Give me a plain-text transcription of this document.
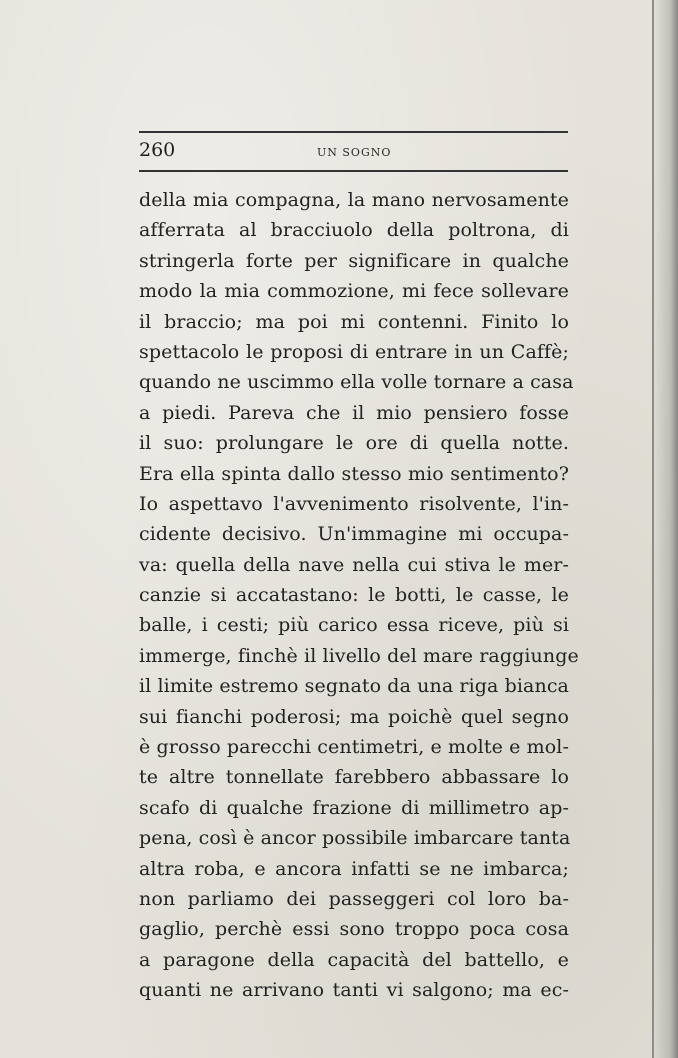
260	UN SOGNO
della mia compagna, la mano nervosamente
afferrata al bracciuolo della poltrona, di
stringerla forte per significare in qualche
modo la mia commozione, mi fece sollevare
il braccio; ma poi mi contenni. Finito lo
spettacolo le proposi di entrare in un Caffè;
quando ne uscimmo ella volle tornare a casa
a piedi. Pareva che il mio pensiero fosse
il suo: prolungare le ore di quella notte.
Era ella spinta dallo stesso mio sentimento?
Io aspettavo l'avvenimento risolvente, l'in-
cidente decisivo. Un'immagine mi occupa-
va: quella della nave nella cui stiva le mer-
canzie si accatastano: le botti, le casse, le
balle, i cesti; più carico essa riceve, più si
immerge, finchè il livello del mare raggiunge
il limite estremo segnato da una riga bianca
sui fianchi poderosi; ma poichè quel segno
è grosso parecchi centimetri, e molte e mol-
te altre tonnellate farebbero abbassare lo
scafo di qualche frazione di millimetro ap-
pena, così è ancor possibile imbarcare tanta
altra roba, e ancora infatti se ne imbarca;
non parliamo dei passeggeri col loro ba-
gaglio, perchè essi sono troppo poca cosa
a paragone della capacità del battello, e
quanti ne arrivano tanti vi salgono; ma ec-
